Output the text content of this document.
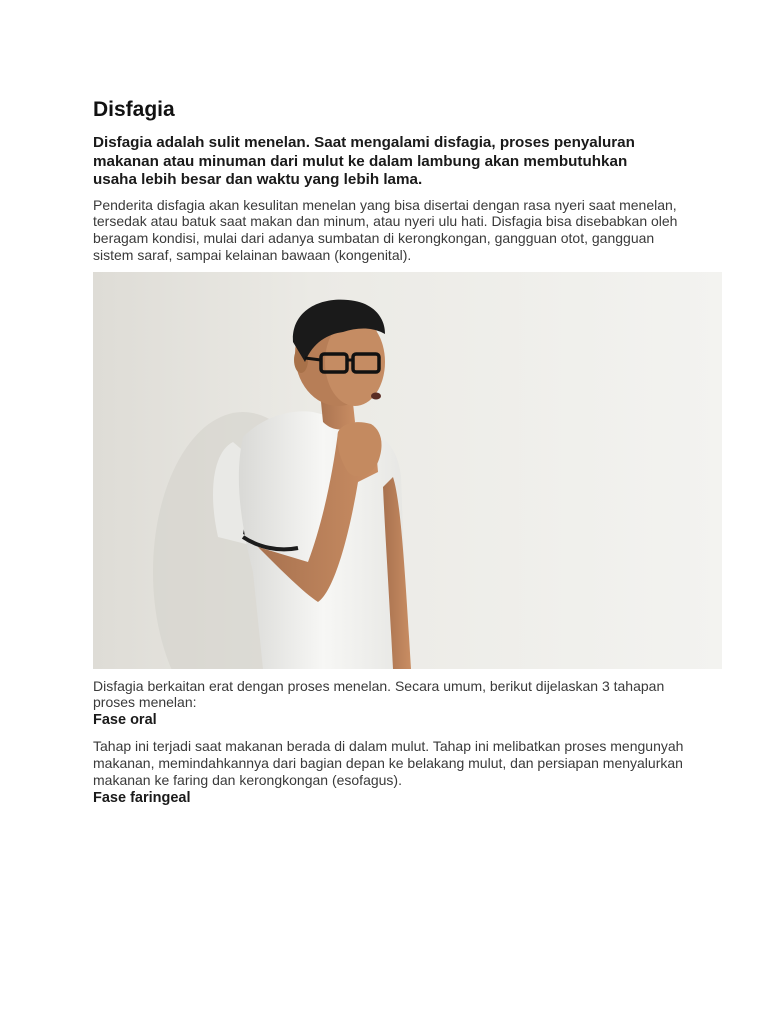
Disfagia

Disfagia adalah sulit menelan. Saat mengalami disfagia, proses penyaluran makanan atau minuman dari mulut ke dalam lambung akan membutuhkan usaha lebih besar dan waktu yang lebih lama.

Penderita disfagia akan kesulitan menelan yang bisa disertai dengan rasa nyeri saat menelan, tersedak atau batuk saat makan dan minum, atau nyeri ulu hati. Disfagia bisa disebabkan oleh beragam kondisi, mulai dari adanya sumbatan di kerongkongan, gangguan otot, gangguan sistem saraf, sampai kelainan bawaan (kongenital).

Disfagia berkaitan erat dengan proses menelan. Secara umum, berikut dijelaskan 3 tahapan proses menelan:

Fase oral

Tahap ini terjadi saat makanan berada di dalam mulut. Tahap ini melibatkan proses mengunyah makanan, memindahkannya dari bagian depan ke belakang mulut, dan persiapan menyalurkan makanan ke faring dan kerongkongan (esofagus).

Fase faringeal
